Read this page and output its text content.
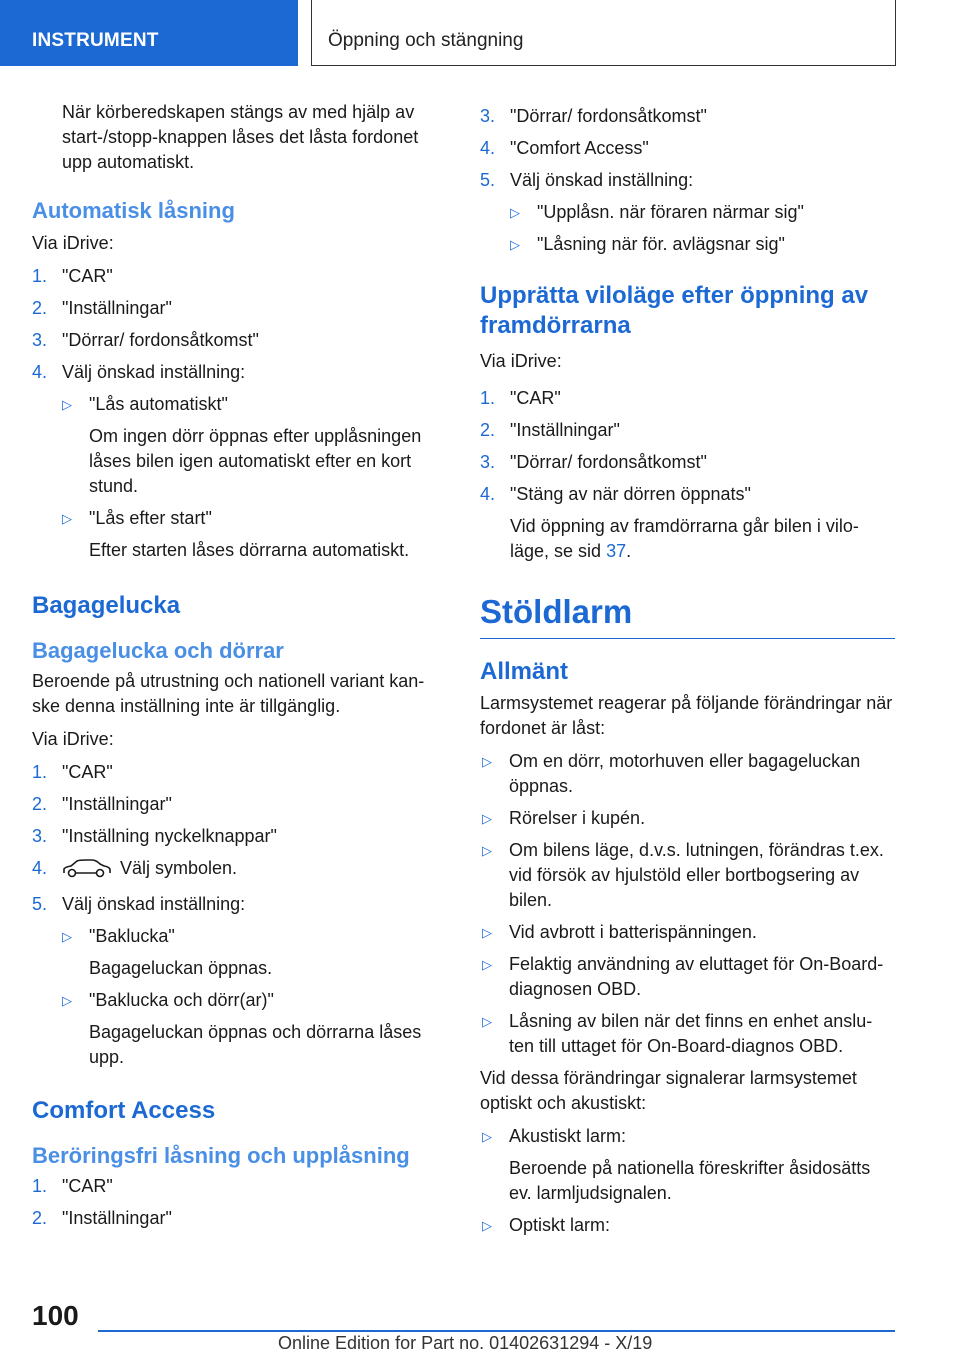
INSTRUMENT	Öppning och stängning
När körberedskapen stängs av med hjälp av start-/stopp-knappen låses det låsta fordonet upp automatiskt.
Automatisk låsning

Via iDrive:

1. "CAR"
2. "Inställningar"
3. "Dörrar/ fordonsåtkomst"
4. Välj önskad inställning:
▷ "Lås automatiskt"
Om ingen dörr öppnas efter upplåsningen låses bilen igen automatiskt efter en kort stund.
▷ "Lås efter start"
Efter starten låses dörrarna automatiskt.
Bagagelucka
Bagagelucka och dörrar

Beroende på utrustning och nationell variant kan-ske denna inställning inte är tillgänglig.

Via iDrive:

1. "CAR"
2. "Inställningar"
3. "Inställning nyckelknappar"
4.	Välj symbolen.
5. Välj önskad inställning:
▷ "Baklucka"
Bagageluckan öppnas.
▷ "Baklucka och dörr(ar)"
Bagageluckan öppnas och dörrarna låses upp.
Comfort Access
Beröringsfri låsning och upplåsning
1. "CAR"
2. "Inställningar"
3. "Dörrar/ fordonsåtkomst"
4. "Comfort Access"
5. Välj önskad inställning:
▷ "Upplåsn. när föraren närmar sig"
▷ "Låsning när för. avlägsnar sig"
Upprätta viloläge efter öppning av framdörrarna

Via iDrive:

1. "CAR"
2. "Inställningar"
3. "Dörrar/ fordonsåtkomst"
4. "Stäng av när dörren öppnats"
Vid öppning av framdörrarna går bilen i vilo-läge, se sid 37.
Stöldlarm
Allmänt

Larmsystemet reagerar på följande förändringar när fordonet är låst:

▷ Om en dörr, motorhuven eller bagageluckan öppnas.
▷ Rörelser i kupén.
▷ Om bilens läge, d.v.s. lutningen, förändras t.ex. vid försök av hjulstöld eller bortbogsering av bilen.
▷ Vid avbrott i batterispänningen.
▷ Felaktig användning av eluttaget för On-Board-diagnosen OBD.
▷ Låsning av bilen när det finns en enhet anslu-ten till uttaget för On-Board-diagnos OBD.

Vid dessa förändringar signalerar larmsystemet optiskt och akustiskt:

▷ Akustiskt larm:
Beroende på nationella föreskrifter åsidosätts ev. larmljudsignalen.
▷ Optiskt larm:
100
Online Edition for Part no. 01402631294 - X/19
